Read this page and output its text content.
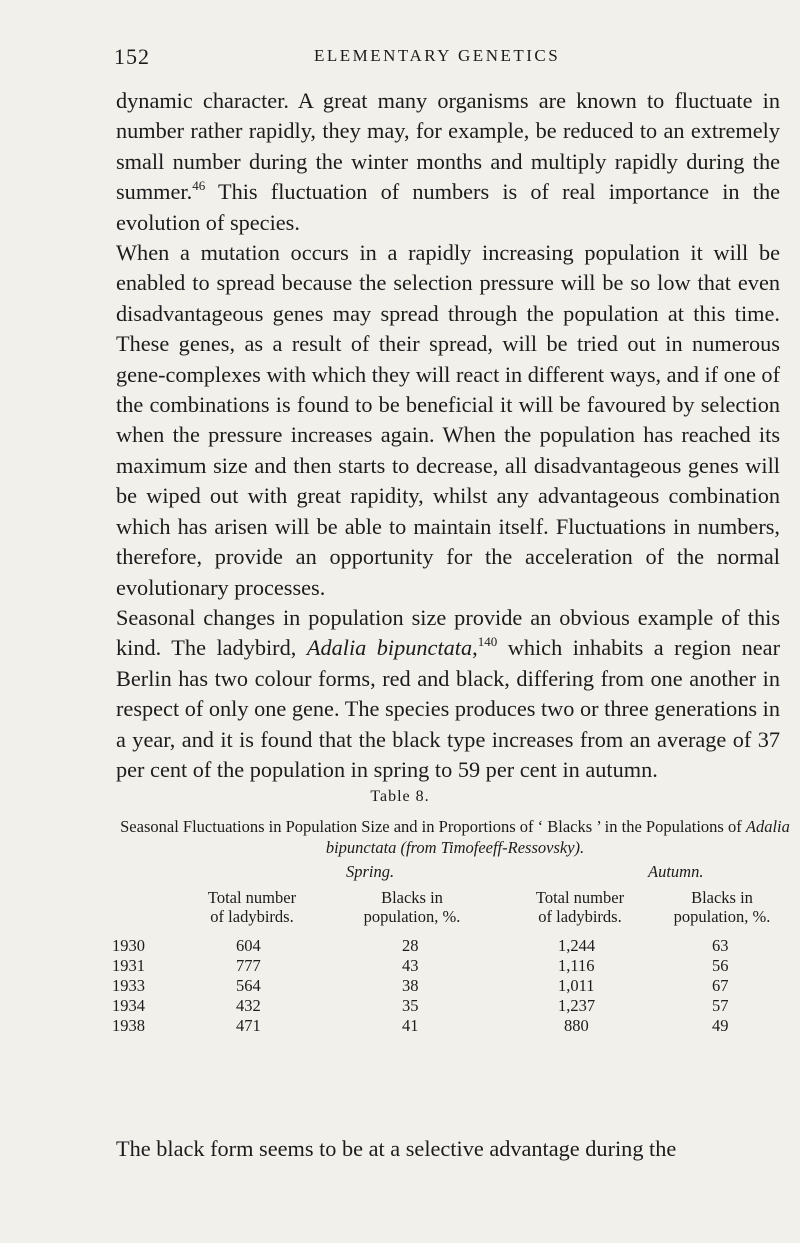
152	ELEMENTARY GENETICS

dynamic character. A great many organisms are known to fluctuate in number rather rapidly, they may, for example, be reduced to an extremely small number during the winter months and multiply rapidly during the summer.$^{46}$ This fluctuation of numbers is of real importance in the evolution of species.

When a mutation occurs in a rapidly increasing population it will be enabled to spread because the selection pressure will be so low that even disadvantageous genes may spread through the population at this time. These genes, as a result of their spread, will be tried out in numerous gene-complexes with which they will react in different ways, and if one of the combinations is found to be beneficial it will be favoured by selection when the pressure increases again. When the population has reached its maximum size and then starts to decrease, all disadvantageous genes will be wiped out with great rapidity, whilst any advantageous combination which has arisen will be able to maintain itself. Fluctuations in numbers, therefore, provide an opportunity for the acceleration of the normal evolutionary processes.

Seasonal changes in population size provide an obvious example of this kind. The ladybird, Adalia bipunctata,$^{140}$ which inhabits a region near Berlin has two colour forms, red and black, differing from one another in respect of only one gene. The species produces two or three generations in a year, and it is found that the black type increases from an average of 37 per cent of the population in spring to 59 per cent in autumn.

Table 8.
Seasonal Fluctuations in Population Size and in Proportions of ‘ Blacks ’ in the Populations of Adalia bipunctata (from Timofeeff-Ressovsky).
Spring.	Autumn.
Total number
of ladybirds.
Blacks in
population, %.
Total number
of ladybirds.
Blacks in
population, %.
1930	604	28	1,244	63
1931	777	43	1,116	56
1933	564	38	1,011	67
1934	432	35	1,237	57
1938	471	41	880	49
The black form seems to be at a selective advantage during the
